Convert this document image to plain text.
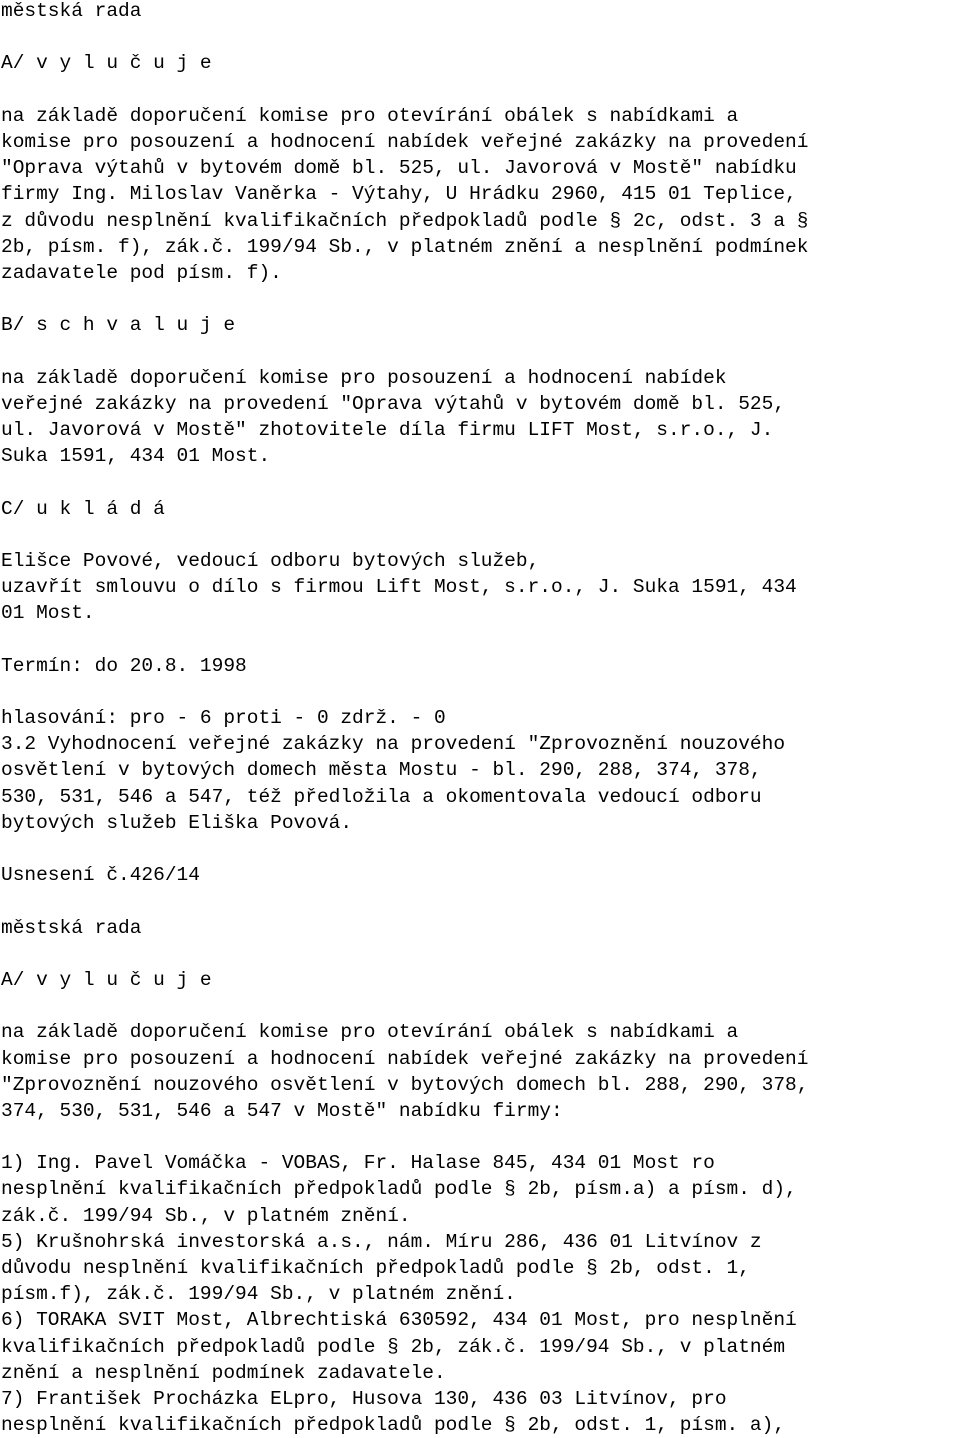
městská rada
A/ v y l u č u j e
na základě doporučení komise pro otevírání obálek s nabídkami a
komise pro posouzení a hodnocení nabídek veřejné zakázky na provedení
"Oprava výtahů v bytovém domě bl. 525, ul. Javorová v Mostě" nabídku
firmy Ing. Miloslav Vaněrka - Výtahy, U Hrádku 2960, 415 01 Teplice,
z důvodu nesplnění kvalifikačních předpokladů podle § 2c, odst. 3 a §
2b, písm. f), zák.č. 199/94 Sb., v platném znění a nesplnění podmínek
zadavatele pod písm. f).
B/ s c h v a l u j e
na základě doporučení komise pro posouzení a hodnocení nabídek
veřejné zakázky na provedení "Oprava výtahů v bytovém domě bl. 525,
ul. Javorová v Mostě" zhotovitele díla firmu LIFT Most, s.r.o., J.
Suka 1591, 434 01 Most.
C/ u k l á d á
Elišce Povové, vedoucí odboru bytových služeb,
uzavřít smlouvu o dílo s firmou Lift Most, s.r.o., J. Suka 1591, 434
01 Most.
Termín: do 20.8. 1998
hlasování: pro - 6 proti - 0 zdrž. - 0
3.2 Vyhodnocení veřejné zakázky na provedení "Zprovoznění nouzového
osvětlení v bytových domech města Mostu - bl. 290, 288, 374, 378,
530, 531, 546 a 547, též předložila a okomentovala vedoucí odboru
bytových služeb Eliška Povová.
Usnesení č.426/14
městská rada
A/ v y l u č u j e
na základě doporučení komise pro otevírání obálek s nabídkami a
komise pro posouzení a hodnocení nabídek veřejné zakázky na provedení
"Zprovoznění nouzového osvětlení v bytových domech bl. 288, 290, 378,
374, 530, 531, 546 a 547 v Mostě" nabídku firmy:
1) Ing. Pavel Vomáčka - VOBAS, Fr. Halase 845, 434 01 Most ro
nesplnění kvalifikačních předpokladů podle § 2b, písm.a) a písm. d),
zák.č. 199/94 Sb., v platném znění.
5) Krušnohrská investorská a.s., nám. Míru 286, 436 01 Litvínov z
důvodu nesplnění kvalifikačních předpokladů podle § 2b, odst. 1,
písm.f), zák.č. 199/94 Sb., v platném znění.
6) TORAKA SVIT Most, Albrechtiská 630592, 434 01 Most, pro nesplnění
kvalifikačních předpokladů podle § 2b, zák.č. 199/94 Sb., v platném
znění a nesplnění podmínek zadavatele.
7) František Procházka ELpro, Husova 130, 436 03 Litvínov, pro
nesplnění kvalifikačních předpokladů podle § 2b, odst. 1, písm. a),
